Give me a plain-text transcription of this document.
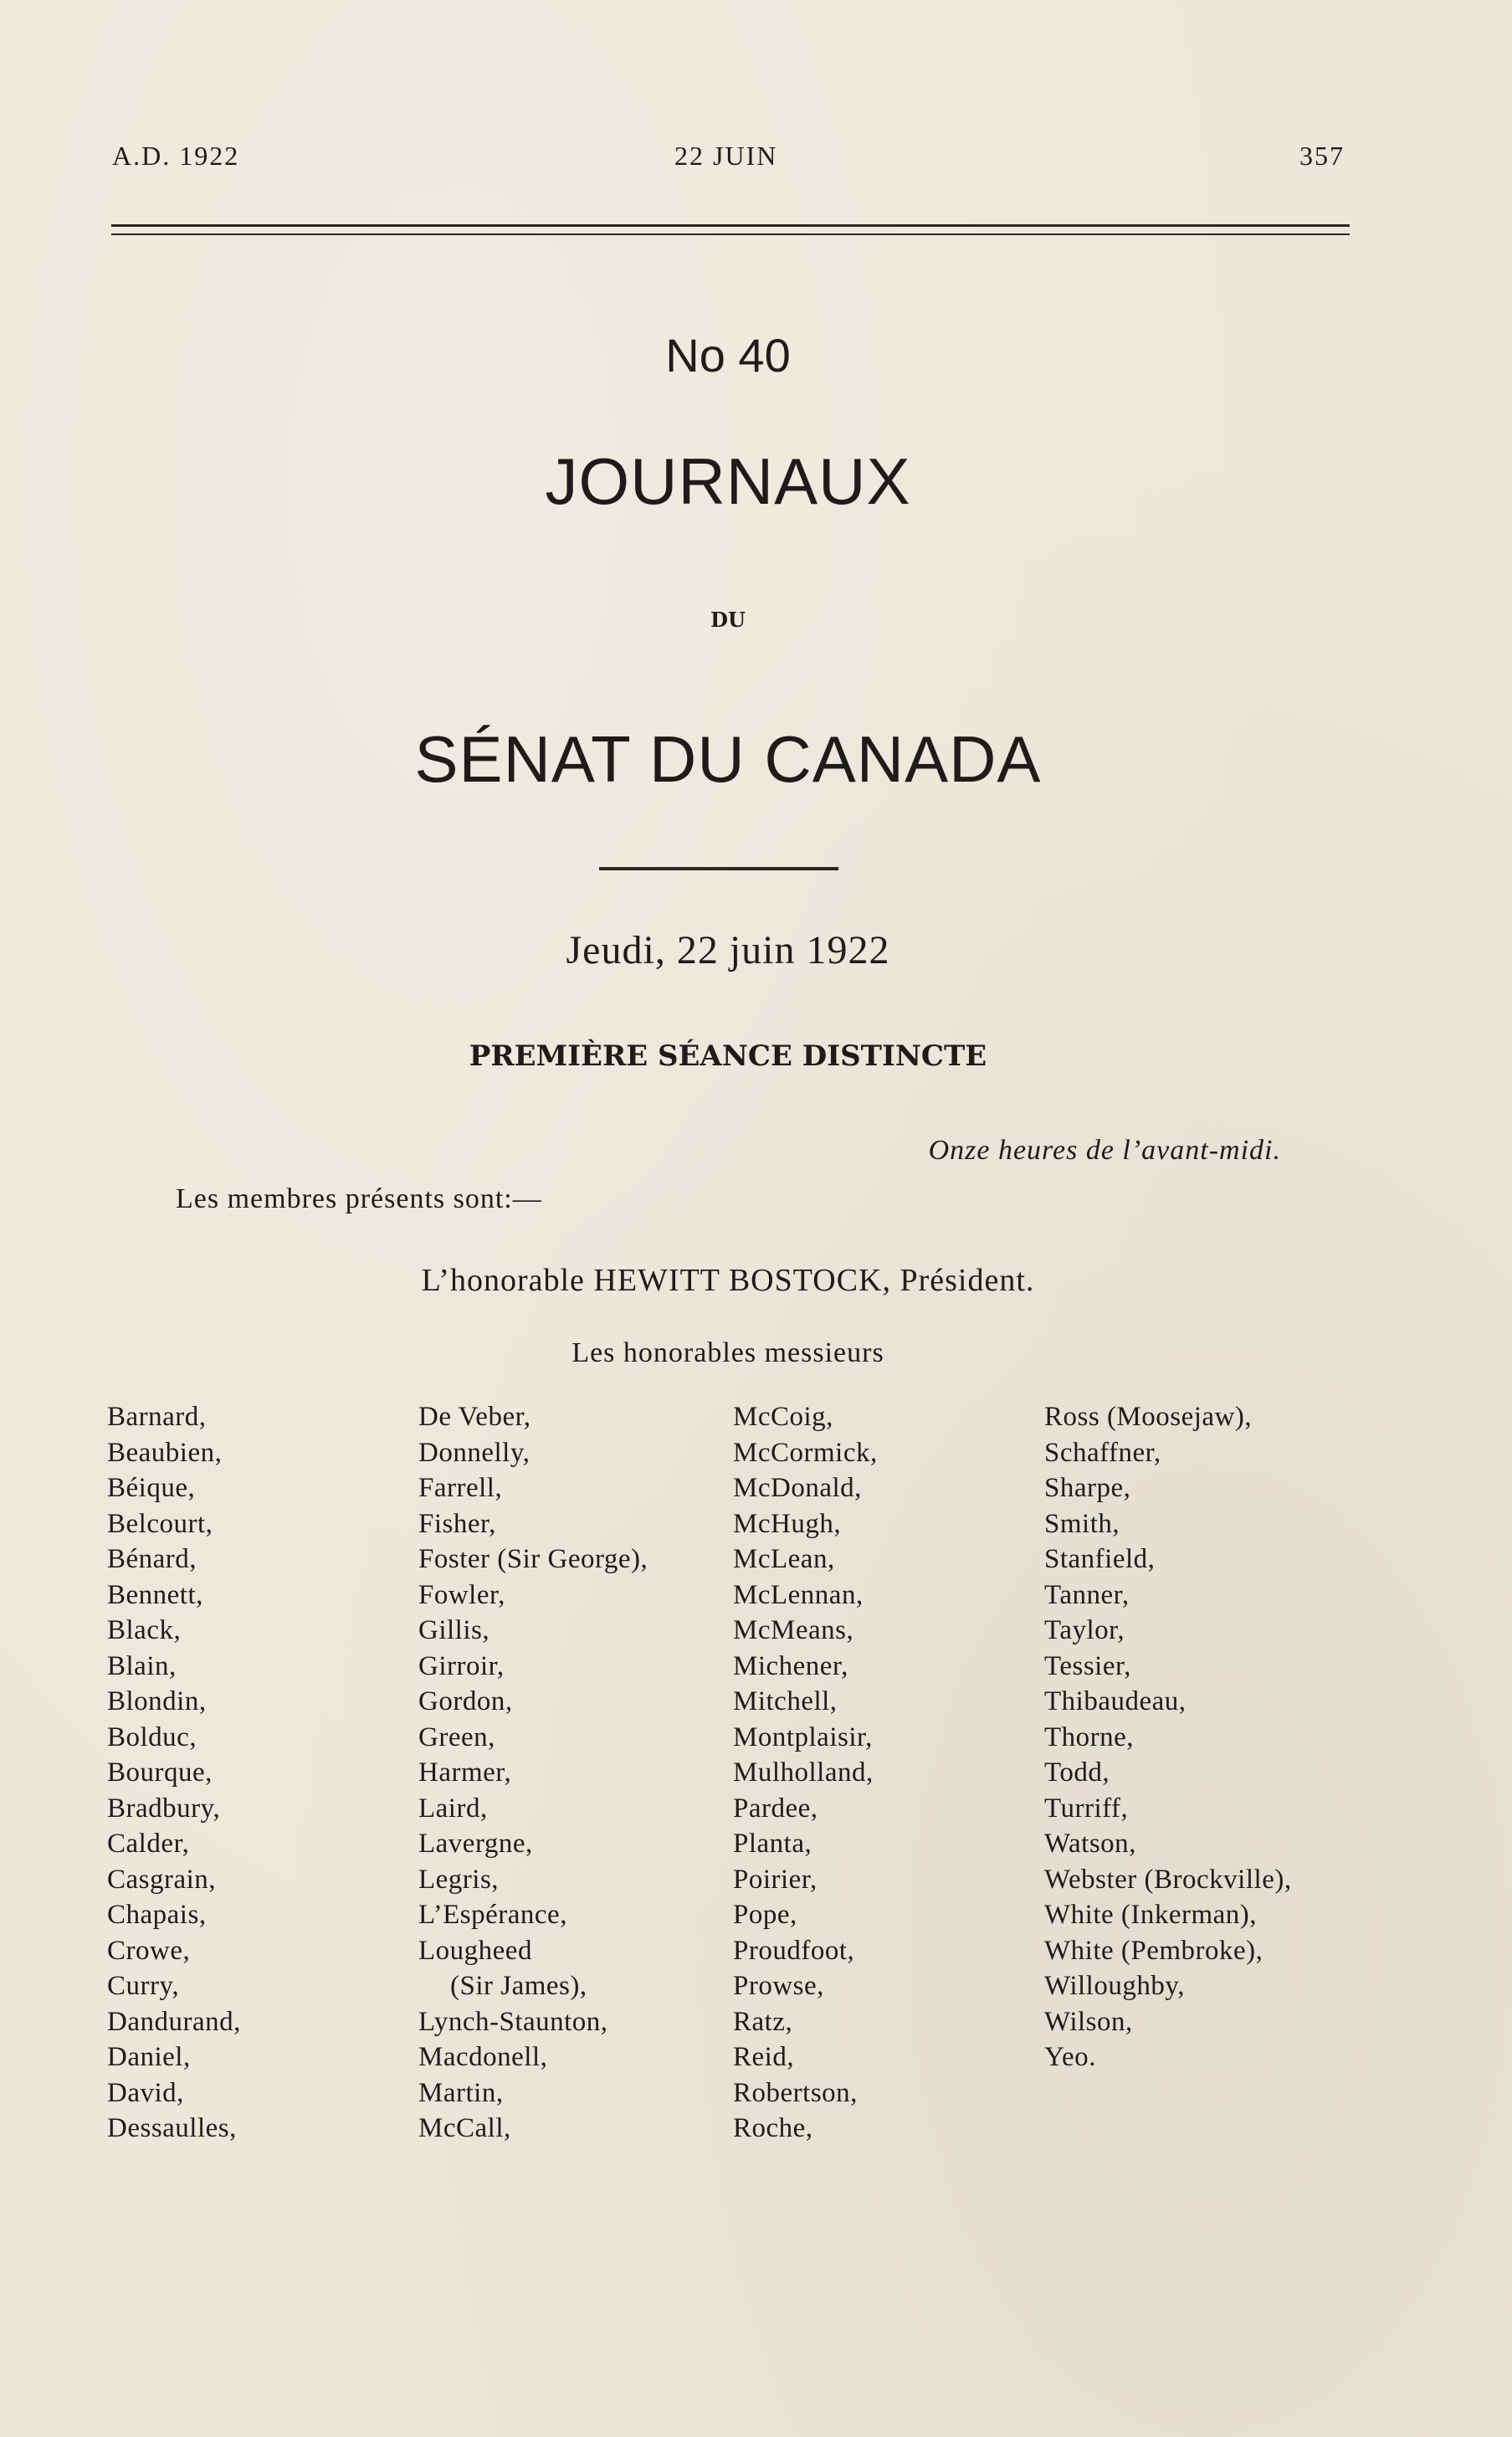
A.D. 1922	22 JUIN	357
No 40
JOURNAUX
DU
SÉNAT DU CANADA
Jeudi, 22 juin 1922
PREMIÈRE SÉANCE DISTINCTE
Onze heures de l’avant-midi.
Les membres présents sont:—
L’honorable HEWITT BOSTOCK, Président.
Les honorables messieurs
Barnard,
Beaubien,
Béique,
Belcourt,
Bénard,
Bennett,
Black,
Blain,
Blondin,
Bolduc,
Bourque,
Bradbury,
Calder,
Casgrain,
Chapais,
Crowe,
Curry,
Dandurand,
Daniel,
David,
Dessaulles,
De Veber,
Donnelly,
Farrell,
Fisher,
Foster (Sir George),
Fowler,
Gillis,
Girroir,
Gordon,
Green,
Harmer,
Laird,
Lavergne,
Legris,
L’Espérance,
Lougheed
(Sir James),
Lynch-Staunton,
Macdonell,
Martin,
McCall,
McCoig,
McCormick,
McDonald,
McHugh,
McLean,
McLennan,
McMeans,
Michener,
Mitchell,
Montplaisir,
Mulholland,
Pardee,
Planta,
Poirier,
Pope,
Proudfoot,
Prowse,
Ratz,
Reid,
Robertson,
Roche,
Ross (Moosejaw),
Schaffner,
Sharpe,
Smith,
Stanfield,
Tanner,
Taylor,
Tessier,
Thibaudeau,
Thorne,
Todd,
Turriff,
Watson,
Webster (Brockville),
White (Inkerman),
White (Pembroke),
Willoughby,
Wilson,
Yeo.
